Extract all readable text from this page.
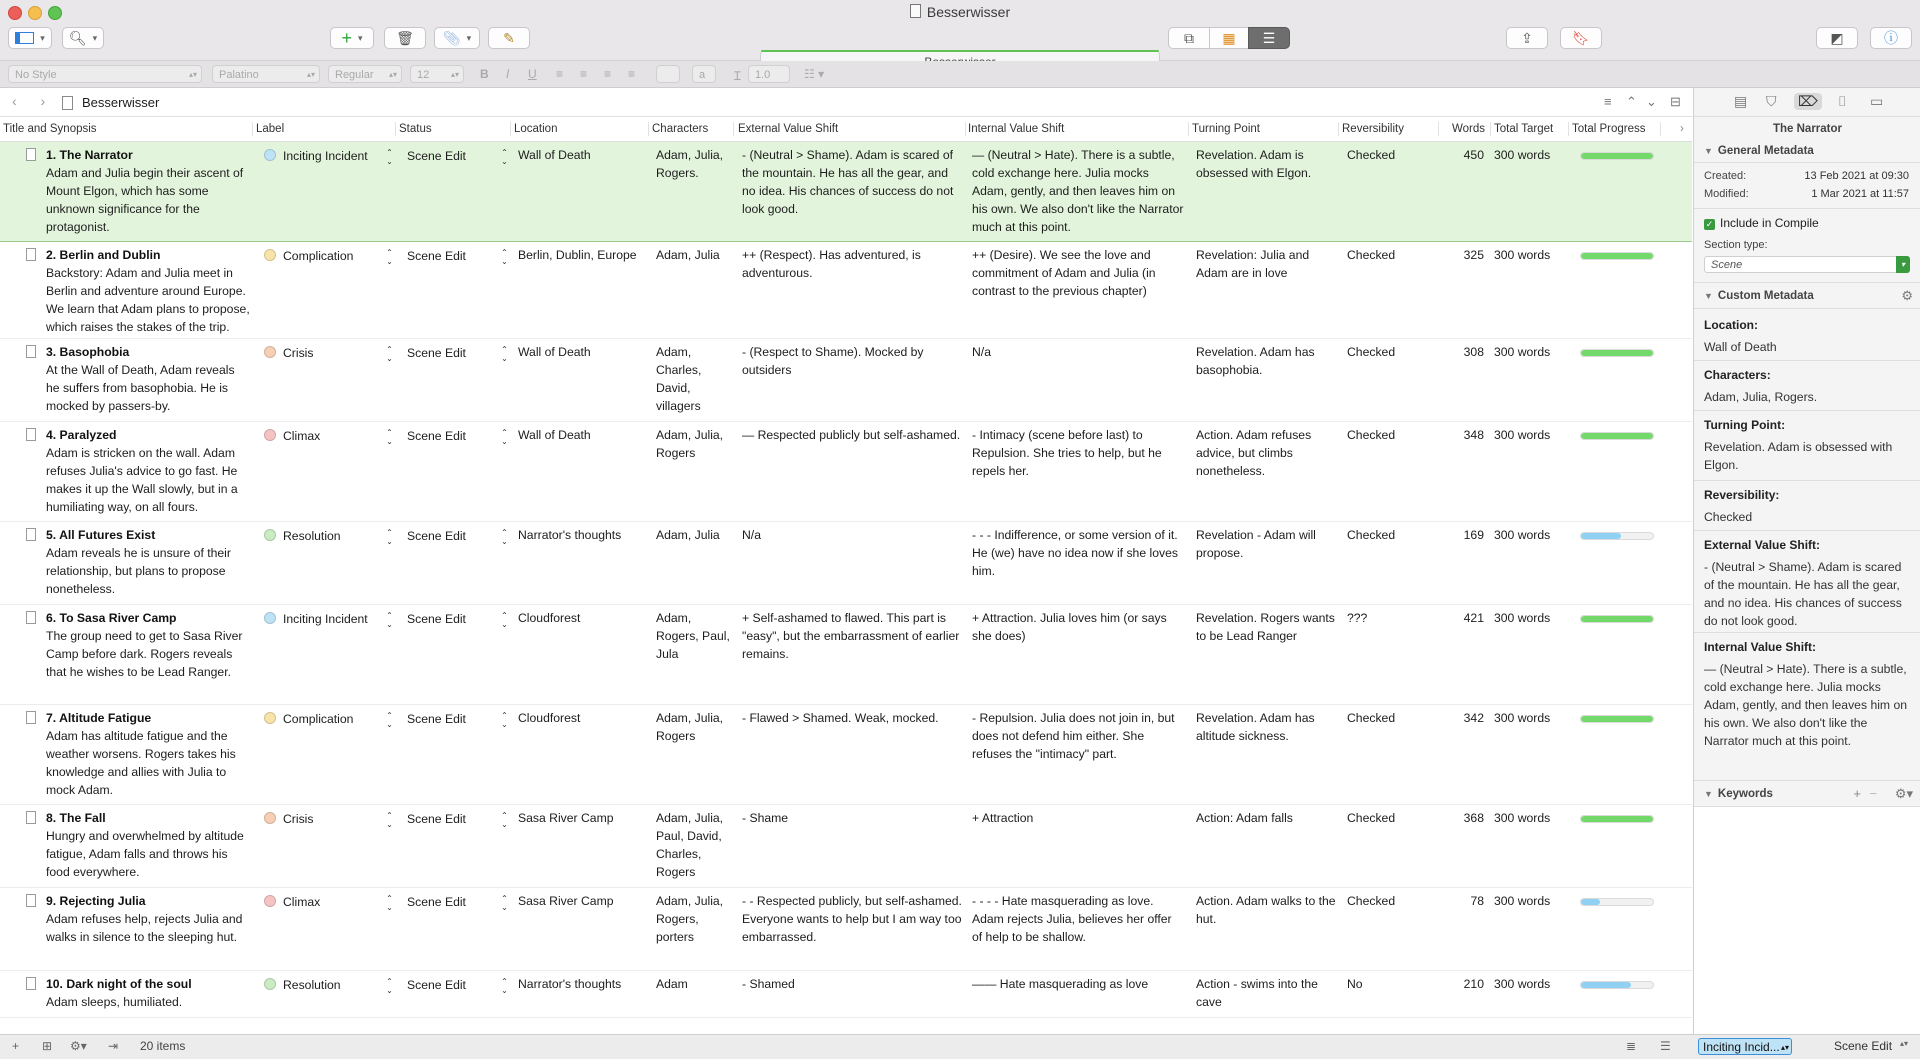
Besserwisser
▾ 🔍︎ ▾	+ ▾ 🗑︎ 📎︎ ▾ ✎	⧉ ▦ ☰	⇪	🔖︎	◩	ⓘ
No Style	▴▾	Palatino	▴▾	Regular ▴▾	12	▴▾ B I U ≡ ≡ ≡ ≡	a	Ɪ	1.0	☷ ▾
‹ › Besserwisser	≡ ⌃ ⌄ ⊟
Title and Synopsis	Label	Status	Location	Characters	External Value Shift	Internal Value Shift	Turning Point	Reversibility	Words Total Target Total Progress	›
1. The Narrator
Adam and Julia begin their ascent of Mount Elgon, which has some unknown significance for the protagonist.
Inciting Incident	⌃⌄	Scene Edit	⌃⌄ Wall of Death	Adam, Julia, Rogers.
- (Neutral > Shame). Adam is scared of the mountain. He has all the gear, and no idea. His chances of success do not look good.
— (Neutral > Hate). There is a subtle, cold exchange here. Julia mocks Adam, gently, and then leaves him on his own. We also don't like the Narrator much at this point.
Revelation. Adam is obsessed with Elgon.
Checked	450 300 words
2. Berlin and Dublin
Backstory: Adam and Julia meet in Berlin and adventure around Europe. We learn that Adam plans to propose, which raises the stakes of the trip.
Complication	⌃⌄	Scene Edit	⌃⌄ Berlin, Dublin, Europe	Adam, Julia	++ (Respect). Has adventured, is adventurous.
++ (Desire). We see the love and commitment of Adam and Julia (in contrast to the previous chapter)
Revelation: Julia and Adam are in love
Checked	325 300 words
3. Basophobia
At the Wall of Death, Adam reveals he suffers from basophobia. He is mocked by passers-by.
Crisis	⌃⌄	Scene Edit	⌃⌄ Wall of Death	Adam, Charles, David, villagers
- (Respect to Shame). Mocked by outsiders
N/a	Revelation. Adam has basophobia.
Checked	308 300 words
4. Paralyzed
Adam is stricken on the wall. Adam refuses Julia's advice to go fast. He makes it up the Wall slowly, but in a humiliating way, on all fours.
Climax	⌃⌄	Scene Edit	⌃⌄ Wall of Death	Adam, Julia, Rogers
— Respected publicly but self-ashamed. - Intimacy (scene before last) to Repulsion. She tries to help, but he repels her.
Action. Adam refuses advice, but climbs nonetheless.
Checked	348 300 words
5. All Futures Exist
Adam reveals he is unsure of their relationship, but plans to propose nonetheless.
Resolution	⌃⌄	Scene Edit	⌃⌄ Narrator's thoughts	Adam, Julia	N/a	- - - Indifference, or some version of it. He (we) have no idea now if she loves him.
Revelation - Adam will propose.
Checked	169 300 words
6. To Sasa River Camp
The group need to get to Sasa River Camp before dark. Rogers reveals that he wishes to be Lead Ranger.
Inciting Incident	⌃⌄	Scene Edit	⌃⌄ Cloudforest	Adam, Rogers, Paul, Jula
+ Self-ashamed to flawed. This part is "easy", but the embarrassment of earlier remains.
+ Attraction. Julia loves him (or says she does)
Revelation. Rogers wants to be Lead Ranger
???	421 300 words
7. Altitude Fatigue
Adam has altitude fatigue and the weather worsens. Rogers takes his knowledge and allies with Julia to mock Adam.
Complication	⌃⌄	Scene Edit	⌃⌄ Cloudforest	Adam, Julia, Rogers
- Flawed > Shamed. Weak, mocked.	- Repulsion. Julia does not join in, but does not defend him either. She refuses the "intimacy" part.
Revelation. Adam has altitude sickness.
Checked	342 300 words
8. The Fall
Hungry and overwhelmed by altitude fatigue, Adam falls and throws his food everywhere.
Crisis	⌃⌄	Scene Edit	⌃⌄ Sasa River Camp	Adam, Julia, Paul, David, Charles, Rogers
- Shame	+ Attraction	Action: Adam falls	Checked	368 300 words
9. Rejecting Julia
Adam refuses help, rejects Julia and walks in silence to the sleeping hut.
Climax	⌃⌄	Scene Edit	⌃⌄ Sasa River Camp	Adam, Julia, Rogers, porters
- - Respected publicly, but self-ashamed. Everyone wants to help but I am way too embarrassed.
- - - - Hate masquerading as love. Adam rejects Julia, believes her offer of help to be shallow.
Action. Adam walks to the hut.
Checked	78 300 words
10. Dark night of the soul
Adam sleeps, humiliated.
Resolution	⌃⌄	Scene Edit	⌃⌄ Narrator's thoughts	Adam	- Shamed	—— Hate masquerading as love	Action - swims into the cave
No	210 300 words
▤ ⛉ ⌦ ⌷ ▭
The Narrator
▼ General Metadata
Created:	13 Feb 2021 at 09:30
Modified:	1 Mar 2021 at 11:57
✓ Include in Compile
Section type:
Scene	▾
▼ Custom Metadata	⚙
Location:
Wall of Death
Characters:
Adam, Julia, Rogers.
Turning Point:
Revelation. Adam is obsessed with Elgon.
Reversibility:
Checked
External Value Shift:
- (Neutral > Shame). Adam is scared of the mountain. He has all the gear, and no idea. His chances of success do not look good.
Internal Value Shift:
— (Neutral > Hate). There is a subtle, cold exchange here. Julia mocks Adam, gently, and then leaves him on his own. We also don't like the Narrator much at this point.
▼ Keywords	+ − ⚙▾
+ ⊞ ⚙▾ ⇥ 20 items	≣ ☰	Inciting Incid... ▴▾	Scene Edit ▴▾
